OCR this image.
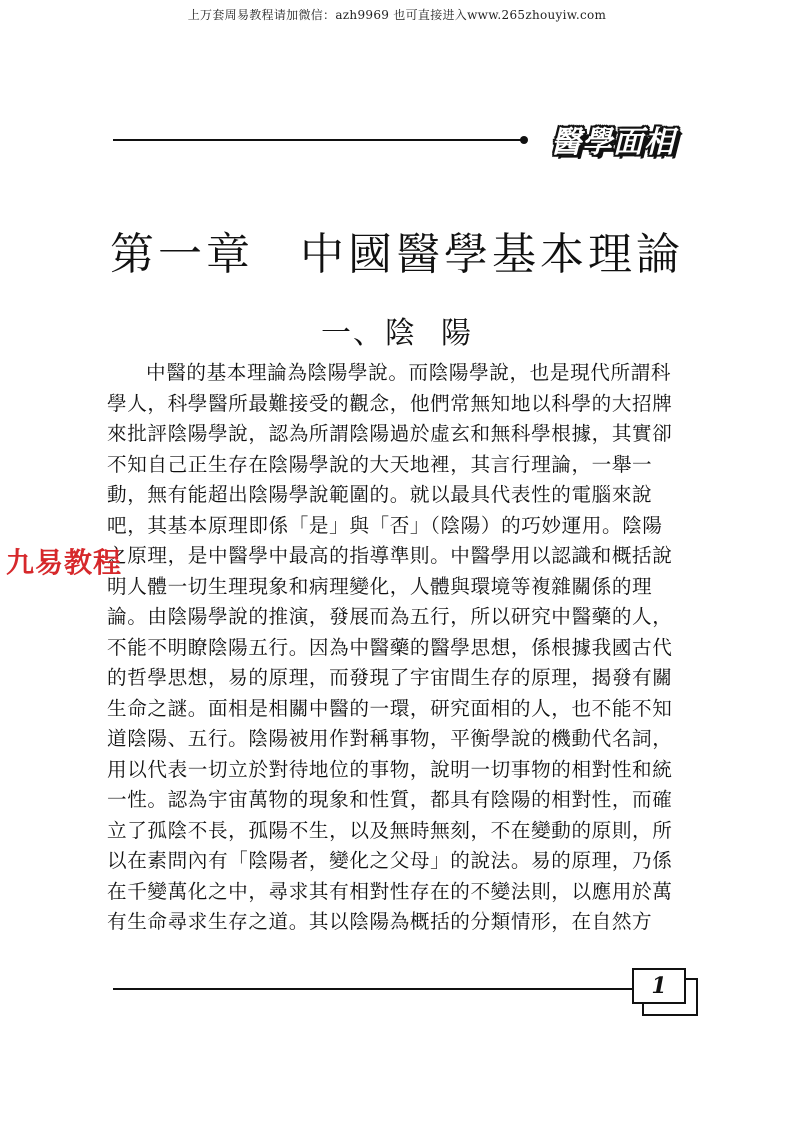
上万套周易教程请加微信：azh9969 也可直接进入www.265zhouyiw.com
醫學面相
第一章 中國醫學基本理論
一、陰 陽
中醫的基本理論為陰陽學說。而陰陽學說，也是現代所謂科
學人，科學醫所最難接受的觀念，他們常無知地以科學的大招牌
來批評陰陽學說，認為所謂陰陽過於虛玄和無科學根據，其實卻
不知自己正生存在陰陽學說的大天地裡，其言行理論，一舉一
動，無有能超出陰陽學說範圍的。就以最具代表性的電腦來說
吧，其基本原理即係「是」與「否」（陰陽）的巧妙運用。陰陽
之原理，是中醫學中最高的指導準則。中醫學用以認識和概括說
明人體一切生理現象和病理變化，人體與環境等複雜關係的理
論。由陰陽學說的推演，發展而為五行，所以研究中醫藥的人，
不能不明瞭陰陽五行。因為中醫藥的醫學思想，係根據我國古代
的哲學思想，易的原理，而發現了宇宙間生存的原理，揭發有關
生命之謎。面相是相關中醫的一環，研究面相的人，也不能不知
道陰陽、五行。陰陽被用作對稱事物，平衡學說的機動代名詞，
用以代表一切立於對待地位的事物，說明一切事物的相對性和統
一性。認為宇宙萬物的現象和性質，都具有陰陽的相對性，而確
立了孤陰不長，孤陽不生，以及無時無刻，不在變動的原則，所
以在素問內有「陰陽者，變化之父母」的說法。易的原理，乃係
在千變萬化之中，尋求其有相對性存在的不變法則，以應用於萬
有生命尋求生存之道。其以陰陽為概括的分類情形，在自然方
九易教程
1
